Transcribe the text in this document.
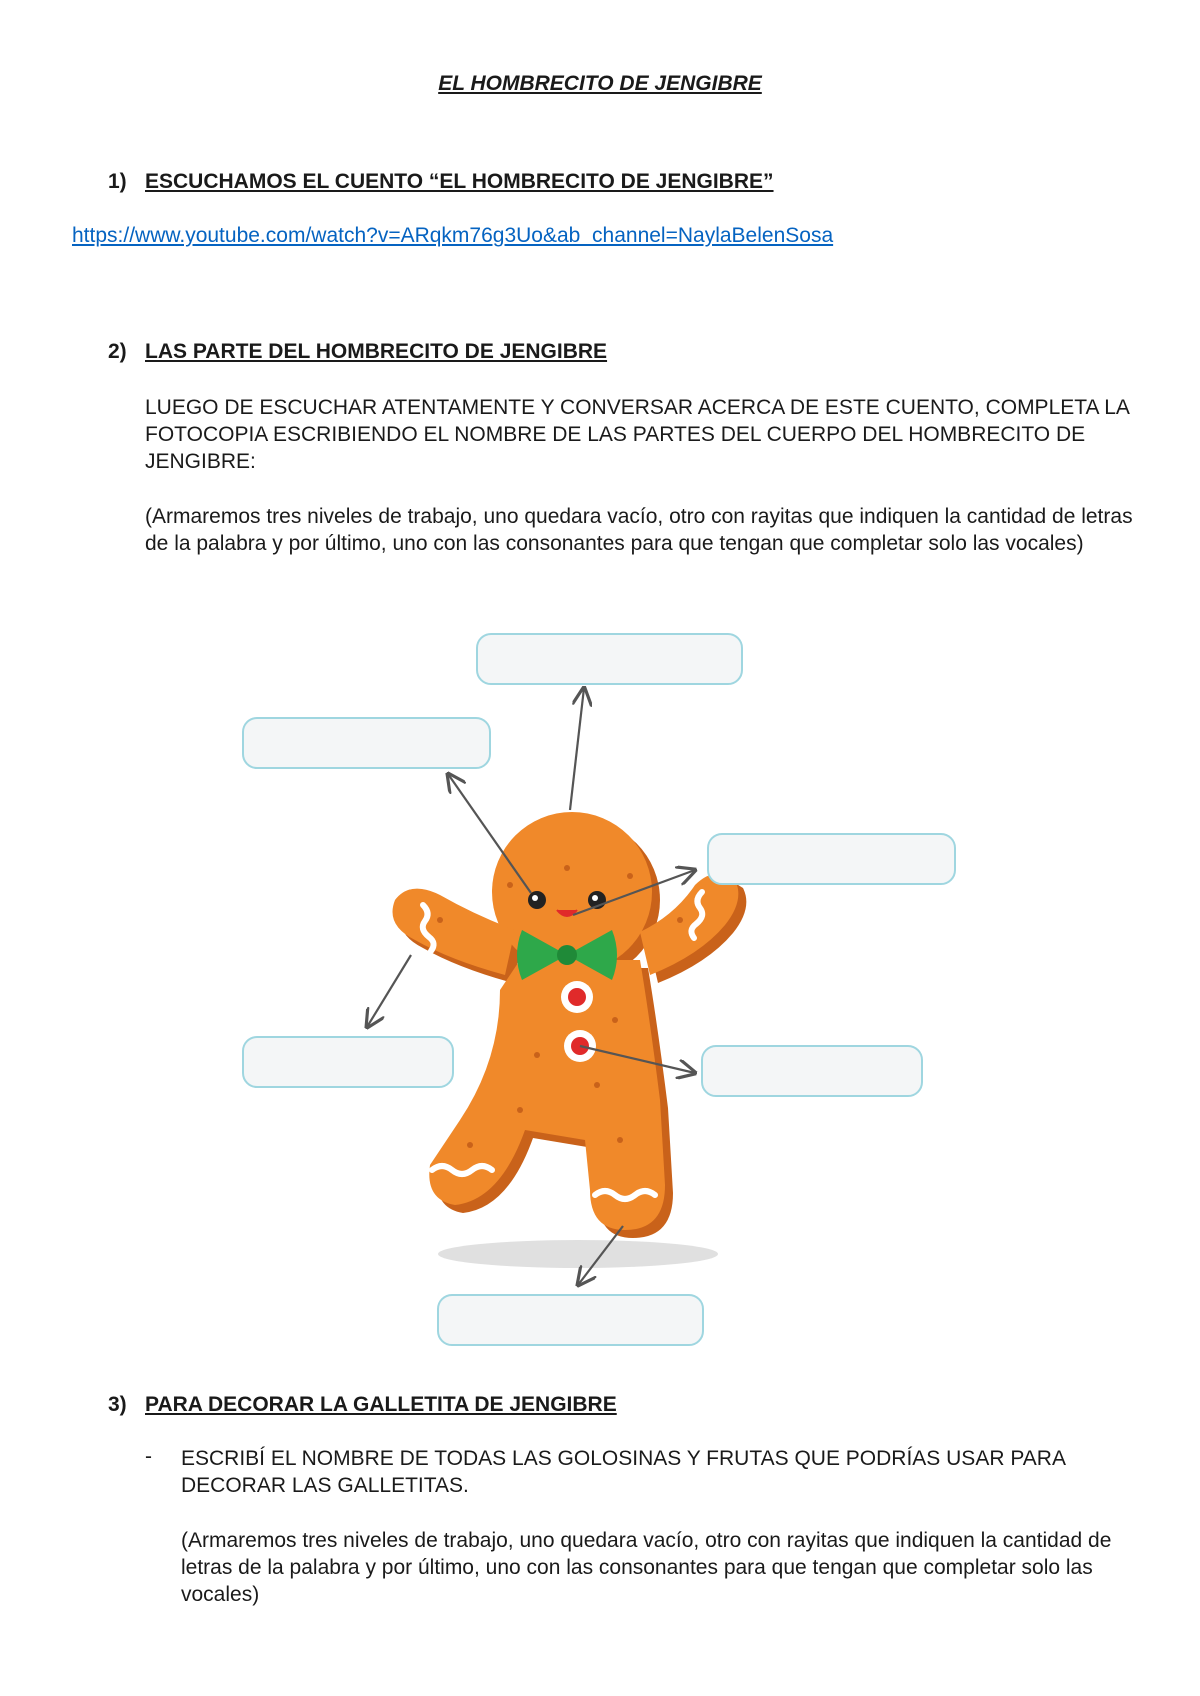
EL HOMBRECITO DE JENGIBRE
1) ESCUCHAMOS EL CUENTO “EL HOMBRECITO DE JENGIBRE”
https://www.youtube.com/watch?v=ARqkm76g3Uo&ab_channel=NaylaBelenSosa
2) LAS PARTE DEL HOMBRECITO DE JENGIBRE

LUEGO DE ESCUCHAR ATENTAMENTE Y CONVERSAR ACERCA DE ESTE CUENTO, COMPLETA LA FOTOCOPIA ESCRIBIENDO EL NOMBRE DE LAS PARTES DEL CUERPO DEL HOMBRECITO DE JENGIBRE:

(Armaremos tres niveles de trabajo, uno quedara vacío, otro con rayitas que indiquen la cantidad de letras de la palabra y por último, uno con las consonantes para que tengan que completar solo las vocales)

3) PARA DECORAR LA GALLETITA DE JENGIBRE
- ESCRIBÍ EL NOMBRE DE TODAS LAS GOLOSINAS Y FRUTAS QUE PODRÍAS USAR PARA DECORAR LAS GALLETITAS.

(Armaremos tres niveles de trabajo, uno quedara vacío, otro con rayitas que indiquen la cantidad de letras de la palabra y por último, uno con las consonantes para que tengan que completar solo las vocales)
